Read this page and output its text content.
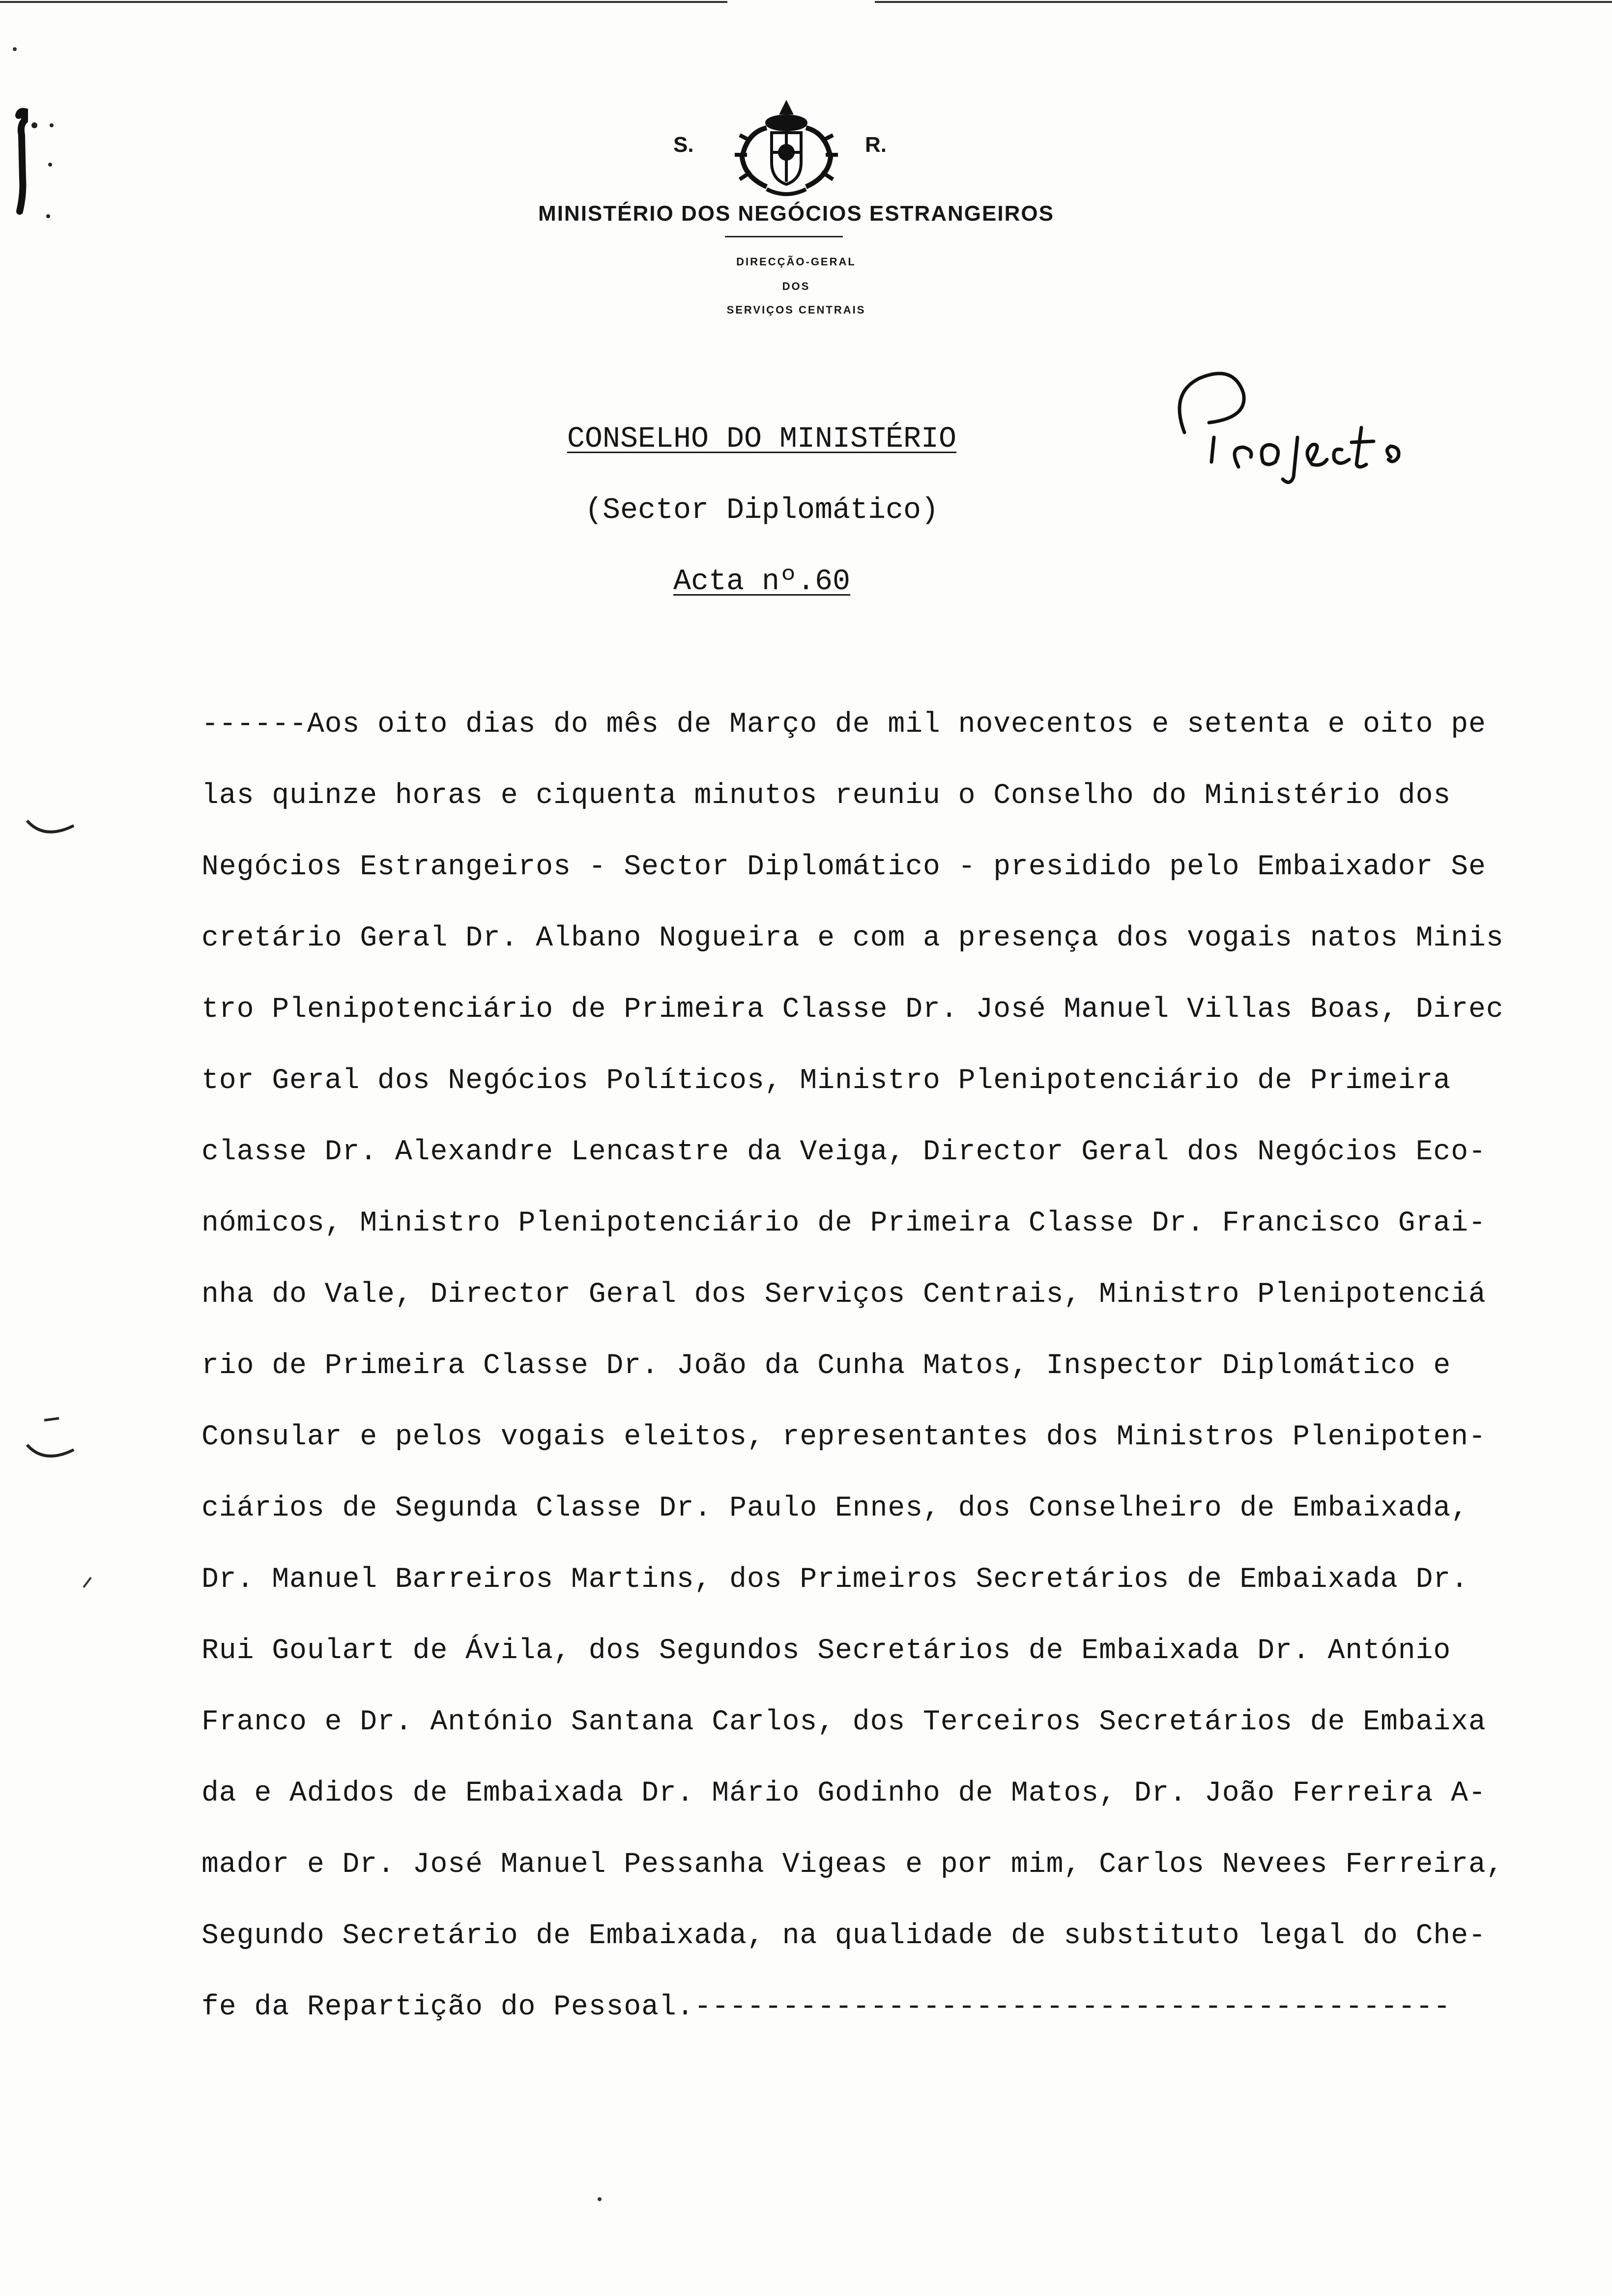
S.	R.
MINISTÉRIO DOS NEGÓCIOS ESTRANGEIROS
DIRECÇÃO-GERAL
DOS
SERVIÇOS CENTRAIS
CONSELHO DO MINISTÉRIO
(Sector Diplomático)
Acta nº.60
------Aos oito dias do mês de Março de mil novecentos e setenta e oito pe
las quinze horas e ciquenta minutos reuniu o Conselho do Ministério dos
Negócios Estrangeiros - Sector Diplomático - presidido pelo Embaixador Se
cretário Geral Dr. Albano Nogueira e com a presença dos vogais natos Minis
tro Plenipotenciário de Primeira Classe Dr. José Manuel Villas Boas, Direc
tor Geral dos Negócios Políticos, Ministro Plenipotenciário de Primeira
classe Dr. Alexandre Lencastre da Veiga, Director Geral dos Negócios Eco-
nómicos, Ministro Plenipotenciário de Primeira Classe Dr. Francisco Grai-
nha do Vale, Director Geral dos Serviços Centrais, Ministro Plenipotenciá
rio de Primeira Classe Dr. João da Cunha Matos, Inspector Diplomático e
Consular e pelos vogais eleitos, representantes dos Ministros Plenipoten-
ciários de Segunda Classe Dr. Paulo Ennes, dos Conselheiro de Embaixada,
Dr. Manuel Barreiros Martins, dos Primeiros Secretários de Embaixada Dr.
Rui Goulart de Ávila, dos Segundos Secretários de Embaixada Dr. António
Franco e Dr. António Santana Carlos, dos Terceiros Secretários de Embaixa
da e Adidos de Embaixada Dr. Mário Godinho de Matos, Dr. João Ferreira A-
mador e Dr. José Manuel Pessanha Vigeas e por mim, Carlos Nevees Ferreira,
Segundo Secretário de Embaixada, na qualidade de substituto legal do Che-
fe da Repartição do Pessoal.-------------------------------------------
